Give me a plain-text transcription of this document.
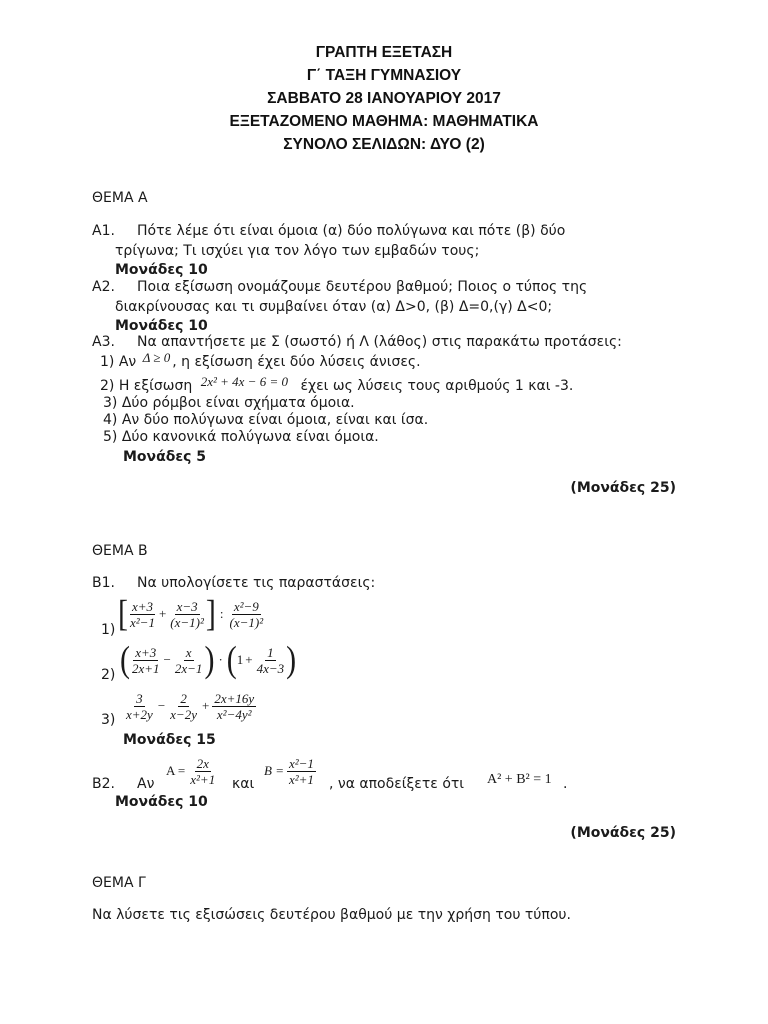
ΓΡΑΠΤΗ ΕΞΕΤΑΣΗ
Γ΄ ΤΑΞΗ ΓΥΜΝΑΣΙΟΥ
ΣΑΒΒΑΤΟ 28 ΙΑΝΟΥΑΡΙΟΥ 2017
ΕΞΕΤΑΖΟΜΕΝΟ ΜΑΘΗΜΑ: ΜΑΘΗΜΑΤΙΚΑ
ΣΥΝΟΛΟ ΣΕΛΙΔΩΝ: ΔΥΟ (2)
ΘΕΜΑ Α
Α1. Πότε λέμε ότι είναι όμοια (α) δύο πολύγωνα και πότε (β) δύο
τρίγωνα; Τι ισχύει για τον λόγο των εμβαδών τους;
Μονάδες 10
Α2. Ποια εξίσωση ονομάζουμε δευτέρου βαθμού; Ποιος ο τύπος της
διακρίνουσας και τι συμβαίνει όταν (α) Δ>0, (β) Δ=0,(γ) Δ<0;
Μονάδες 10
Α3. Να απαντήσετε με Σ (σωστό) ή Λ (λάθος) στις παρακάτω προτάσεις:
1) Αν Δ ≥ 0 , η εξίσωση έχει δύο λύσεις άνισες.
2) Η εξίσωση 2x² + 4x − 6 = 0 έχει ως λύσεις τους αριθμούς 1 και -3.
3) Δύο ρόμβοι είναι σχήματα όμοια.
4) Αν δύο πολύγωνα είναι όμοια, είναι και ίσα.
5) Δύο κανονικά πολύγωνα είναι όμοια.
Μονάδες 5
(Μονάδες 25)
ΘΕΜΑ Β
Β1. Να υπολογίσετε τις παραστάσεις:
1) [ $\frac{x+3}{\text{x²−1}} + \frac{x-3}{\text{(x−1)²}}$ ] : $\frac{\text{x²−9}}{\text{(x−1)²}}$
2) ( $\frac{x+3}{2x+1} - \frac{x}{2x-1}$ ) · ( $1 + \frac{1}{4x-3}$ )
$3) \frac{3}{x+2y} - \frac{2}{x-2y} + \frac{2x+16y}{\text{x²−4y²}}$
Μονάδες 15
Β2. Αν
$A = \frac{2x}{\text{x²+1}}$ και
$B = \frac{\text{x²−1}}{\text{x²+1}}$ , να αποδείξετε ότι Α² + Β² = 1 .
Μονάδες 10
(Μονάδες 25)
ΘΕΜΑ Γ
Να λύσετε τις εξισώσεις δευτέρου βαθμού με την χρήση του τύπου.
